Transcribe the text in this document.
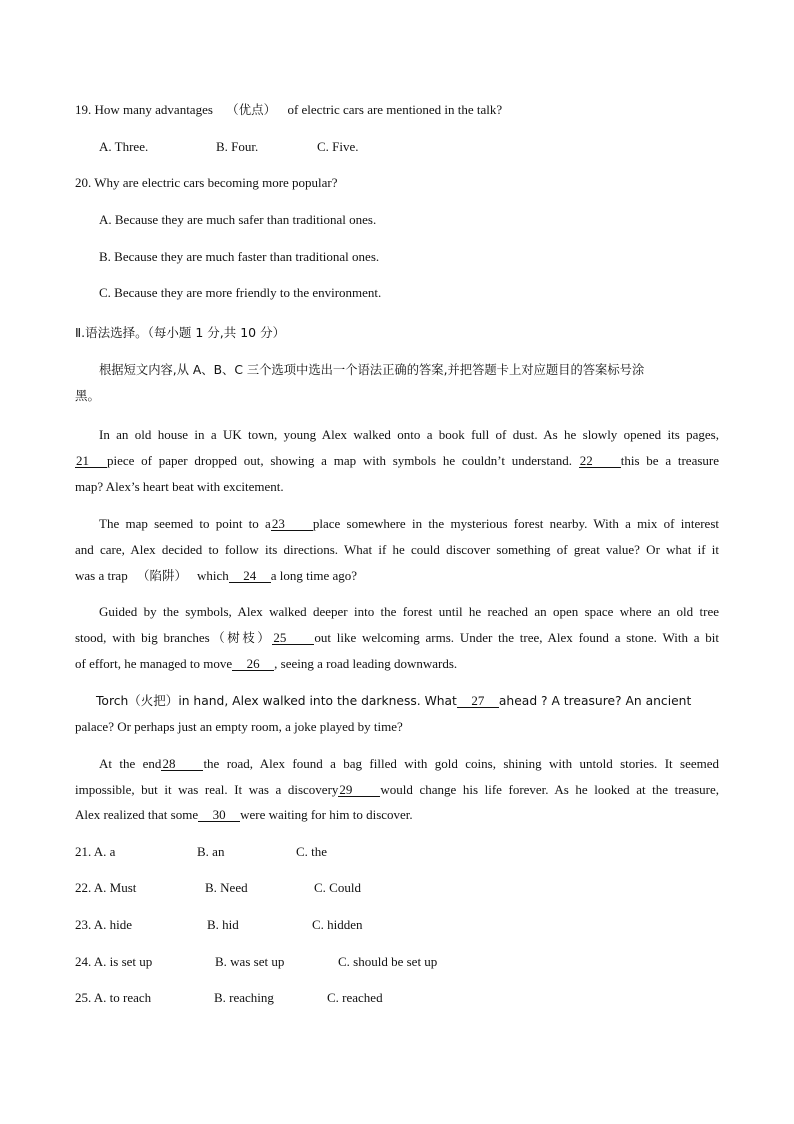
19. How many advantages （优点） of electric cars are mentioned in the talk?
A. Three.	B. Four.	C. Five.
20. Why are electric cars becoming more popular?
A. Because they are much safer than traditional ones.
B. Because they are much faster than traditional ones.
C. Because they are more friendly to the environment.
Ⅱ.语法选择。（每小题 1 分,共 10 分）
根据短文内容,从 A、B、C 三个选项中选出一个语法正确的答案,并把答题卡上对应题目的答案标号涂
黑。
In an old house in a UK town, young Alex walked onto a book full of dust. As he slowly opened its pages,
21 piece of paper dropped out, showing a map with symbols he couldn’t understand. 22 this be a treasure
map? Alex’s heart beat with excitement.
The map seemed to point to a23 place somewhere in the mysterious forest nearby. With a mix of interest
and care, Alex decided to follow its directions. What if he could discover something of great value? Or what if it
was a trap （陷阱） which 24 a long time ago?
Guided by the symbols, Alex walked deeper into the forest until he reached an open space where an old tree
stood, with big branches（树枝）25 out like welcoming arms. Under the tree, Alex found a stone. With a bit
of effort, he managed to move 26 , seeing a road leading downwards.
Torch（火把）in hand, Alex walked into the darkness. What 27 ahead ? A treasure? An ancient
palace? Or perhaps just an empty room, a joke played by time?
At the end28 the road, Alex found a bag filled with gold coins, shining with untold stories. It seemed
impossible, but it was real. It was a discovery29 would change his life forever. As he looked at the treasure,
Alex realized that some 30 were waiting for him to discover.
21. A. a	B. an	C. the
22. A. Must	B. Need	C. Could
23. A. hide	B. hid	C. hidden
24. A. is set up	B. was set up	C. should be set up
25. A. to reach	B. reaching	C. reached
